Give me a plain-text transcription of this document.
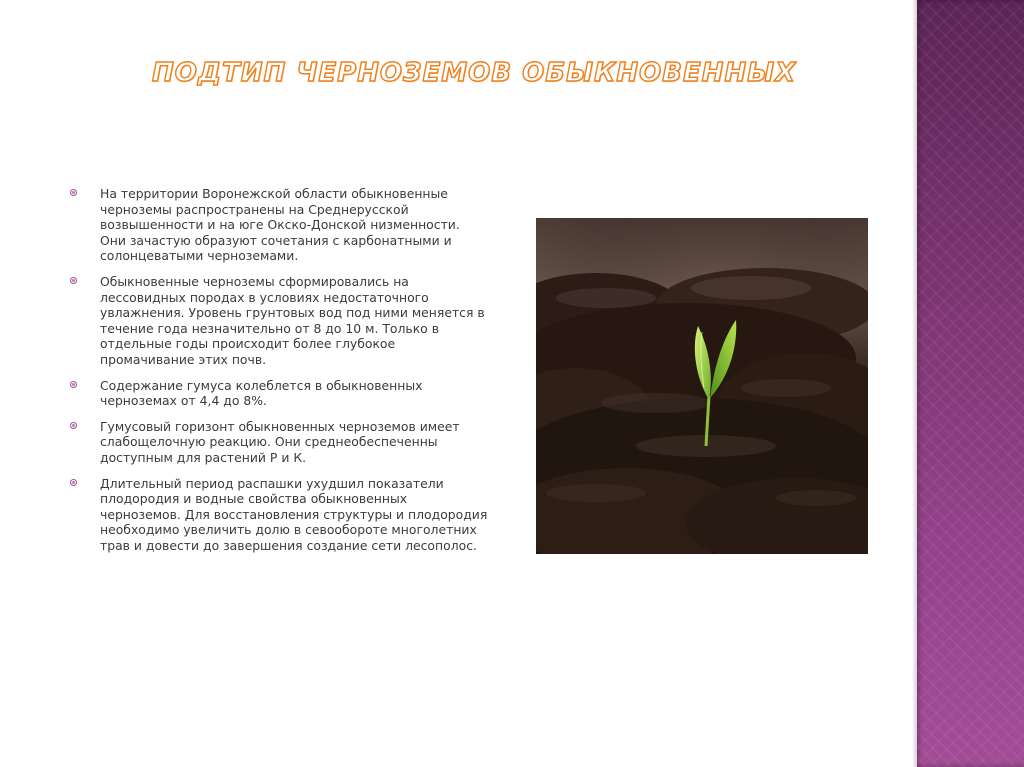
ПОДТИП ЧЕРНОЗЕМОВ ОБЫКНОВЕННЫХ
На территории Воронежской области обыкновенные черноземы распространены на Среднерусской возвышенности и на юге Окско-Донской низменности. Они зачастую образуют сочетания с карбонатными и солонцеватыми черноземами.
Обыкновенные черноземы сформировались на лессовидных породах в условиях недостаточного увлажнения. Уровень грунтовых вод под ними меняется в течение года незначительно от 8 до 10 м. Только в отдельные годы происходит более глубокое промачивание этих почв.
Содержание гумуса колеблется в обыкновенных черноземах от 4,4 до 8%.
Гумусовый горизонт обыкновенных черноземов имеет слабощелочную реакцию. Они среднеобеспеченны доступным для растений Р и К.
Длительный период распашки ухудшил показатели плодородия и водные свойства обыкновенных черноземов. Для восстановления структуры и плодородия необходимо увеличить долю в севообороте многолетних трав и довести до завершения создание сети лесополос.
